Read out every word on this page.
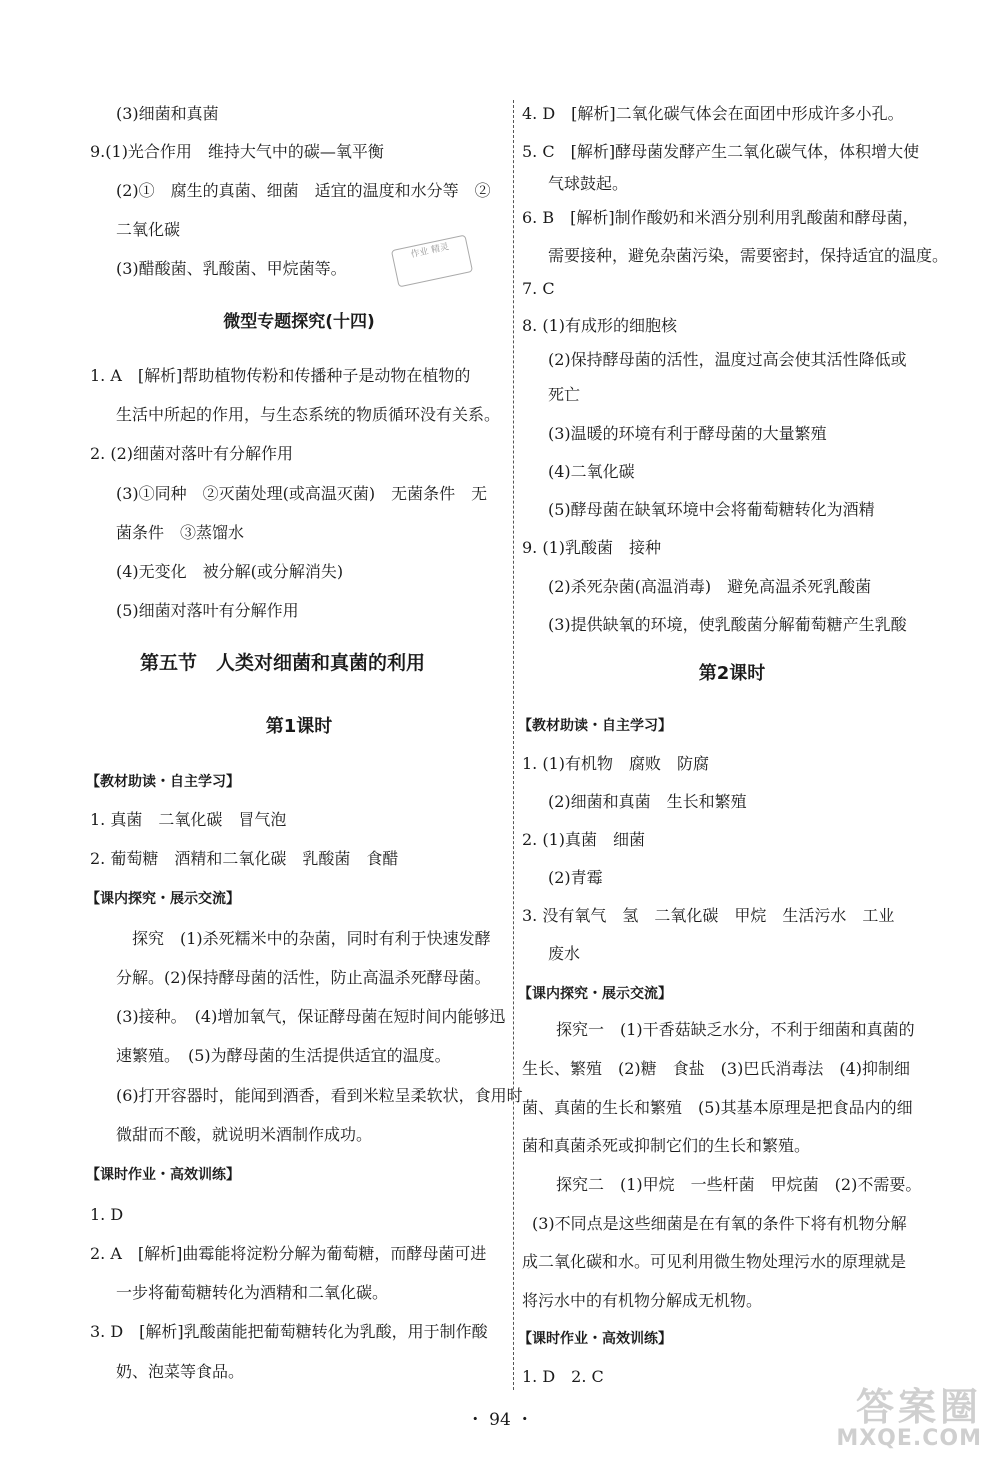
(3)细菌和真菌
9.(1)光合作用　维持大气中的碳—氧平衡
(2)①　腐生的真菌、细菌　适宜的温度和水分等　②
二氧化碳
(3)醋酸菌、乳酸菌、甲烷菌等。
微型专题探究(十四)
1. A　[解析]帮助植物传粉和传播种子是动物在植物的
生活中所起的作用，与生态系统的物质循环没有关系。
2. (2)细菌对落叶有分解作用
(3)①同种　②灭菌处理(或高温灭菌)　无菌条件　无
菌条件　③蒸馏水
(4)无变化　被分解(或分解消失)
(5)细菌对落叶有分解作用
第五节　人类对细菌和真菌的利用
第1课时
【教材助读・自主学习】
1. 真菌　二氧化碳　冒气泡
2. 葡萄糖　酒精和二氧化碳　乳酸菌　食醋
【课内探究・展示交流】
探究　(1)杀死糯米中的杂菌，同时有利于快速发酵
分解。(2)保持酵母菌的活性，防止高温杀死酵母菌。
(3)接种。　(4)增加氧气，保证酵母菌在短时间内能够迅
速繁殖。　(5)为酵母菌的生活提供适宜的温度。
(6)打开容器时，能闻到酒香，看到米粒呈柔软状，食用时
微甜而不酸，就说明米酒制作成功。
【课时作业・高效训练】
1. D
2. A　[解析]曲霉能将淀粉分解为葡萄糖，而酵母菌可进
一步将葡萄糖转化为酒精和二氧化碳。
3. D　[解析]乳酸菌能把葡萄糖转化为乳酸，用于制作酸
奶、泡菜等食品。
作业 精灵
4. D　[解析]二氧化碳气体会在面团中形成许多小孔。
5. C　[解析]酵母菌发酵产生二氧化碳气体，体积增大使
气球鼓起。
6. B　[解析]制作酸奶和米酒分别利用乳酸菌和酵母菌，
需要接种，避免杂菌污染，需要密封，保持适宜的温度。
7. C
8. (1)有成形的细胞核
(2)保持酵母菌的活性，温度过高会使其活性降低或
死亡
(3)温暖的环境有利于酵母菌的大量繁殖
(4)二氧化碳
(5)酵母菌在缺氧环境中会将葡萄糖转化为酒精
9. (1)乳酸菌　接种
(2)杀死杂菌(高温消毒)　避免高温杀死乳酸菌
(3)提供缺氧的环境，使乳酸菌分解葡萄糖产生乳酸
第2课时
【教材助读・自主学习】
1. (1)有机物　腐败　防腐
(2)细菌和真菌　生长和繁殖
2. (1)真菌　细菌
(2)青霉
3. 没有氧气　氢　二氧化碳　甲烷　生活污水　工业
废水
【课内探究・展示交流】
探究一　(1)干香菇缺乏水分，不利于细菌和真菌的
生长、繁殖　(2)糖　食盐　(3)巴氏消毒法　(4)抑制细
菌、真菌的生长和繁殖　(5)其基本原理是把食品内的细
菌和真菌杀死或抑制它们的生长和繁殖。
探究二　(1)甲烷　一些杆菌　甲烷菌　(2)不需要。
(3)不同点是这些细菌是在有氧的条件下将有机物分解
成二氧化碳和水。可见利用微生物处理污水的原理就是
将污水中的有机物分解成无机物。
【课时作业・高效训练】
1. D　2. C
・ 94 ・	答案圈
MXQE.COM
